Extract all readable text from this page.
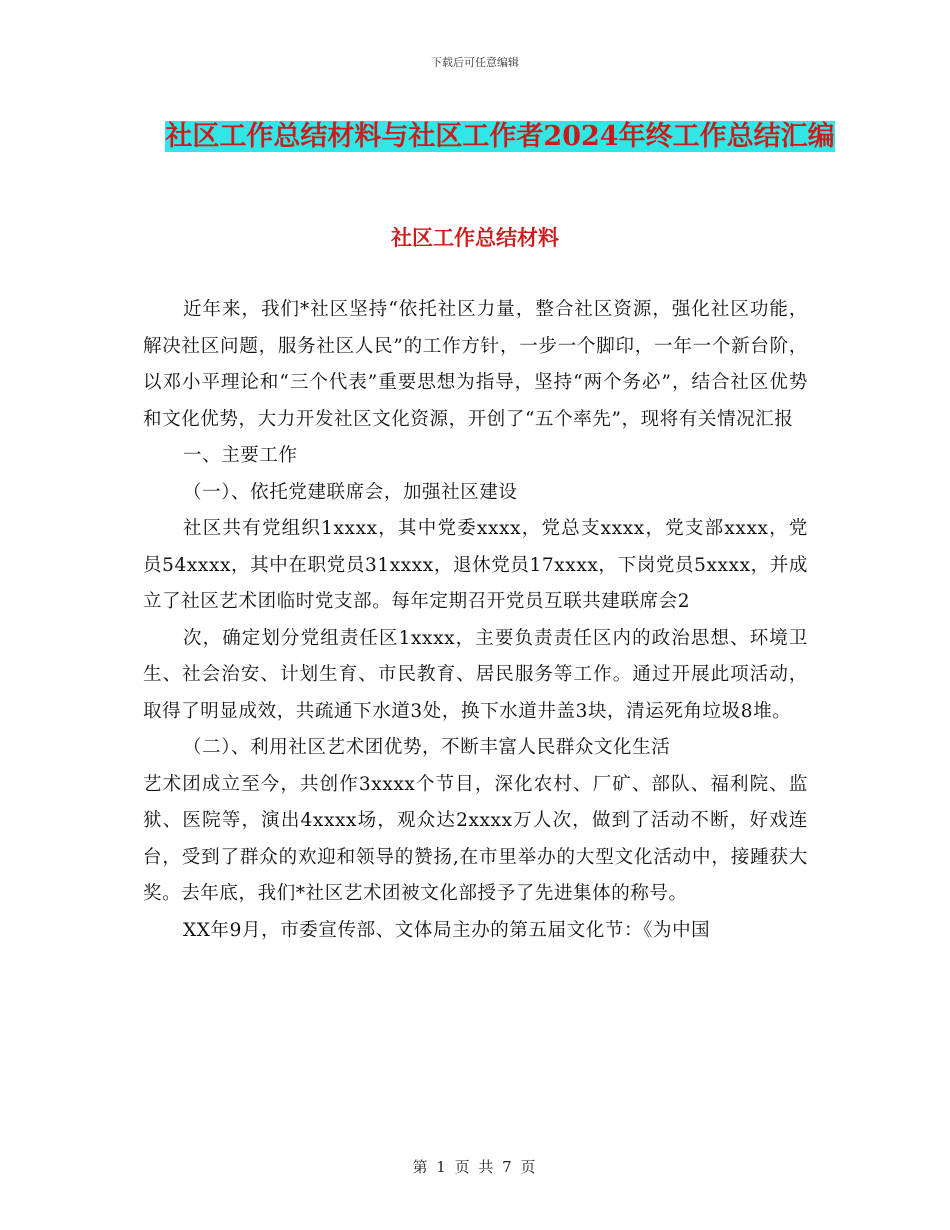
下载后可任意编辑
社区工作总结材料与社区工作者2024年终工作总结汇编
社区工作总结材料

近年来，我们*社区坚持“依托社区力量，整合社区资源，强化社区功能，解决社区问题，服务社区人民”的工作方针，一步一个脚印，一年一个新台阶，以邓小平理论和“三个代表”重要思想为指导，坚持“两个务必”，结合社区优势和文化优势，大力开发社区文化资源，开创了“五个率先”，现将有关情况汇报

一、主要工作

（一）、依托党建联席会，加强社区建设

社区共有党组织1xxxx，其中党委xxxx，党总支xxxx，党支部xxxx，党员54xxxx，其中在职党员31xxxx，退休党员17xxxx，下岗党员5xxxx，并成立了社区艺术团临时党支部。每年定期召开党员互联共建联席会2

次，确定划分党组责任区1xxxx，主要负责责任区内的政治思想、环境卫生、社会治安、计划生育、市民教育、居民服务等工作。通过开展此项活动，取得了明显成效，共疏通下水道3处，换下水道井盖3块，清运死角垃圾8堆。

（二）、利用社区艺术团优势，不断丰富人民群众文化生活

艺术团成立至今，共创作3xxxx个节目，深化农村、厂矿、部队、福利院、监狱、医院等，演出4xxxx场，观众达2xxxx万人次，做到了活动不断，好戏连台，受到了群众的欢迎和领导的赞扬,在市里举办的大型文化活动中，接踵获大奖。去年底，我们*社区艺术团被文化部授予了先进集体的称号。

XX年9月，市委宣传部、文体局主办的第五届文化节：《为中国

第 1 页 共 7 页
